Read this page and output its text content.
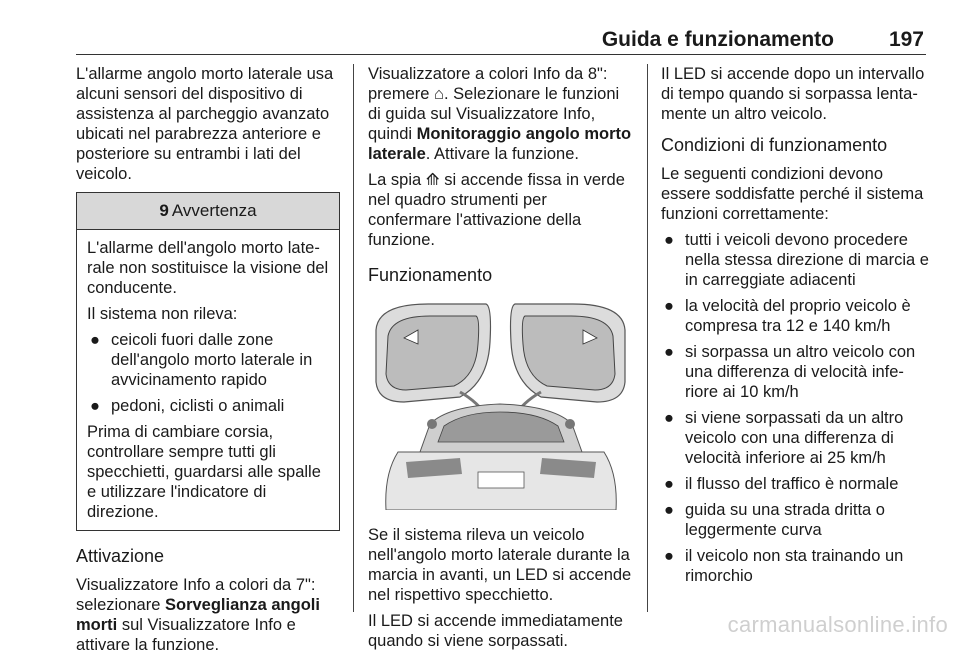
Guida e funzionamento	197

L'allarme angolo morto laterale usa alcuni sensori del dispositivo di assistenza al parcheggio avanzato ubicati nel parabrezza anteriore e posteriore su entrambi i lati del veicolo.

9 Avvertenza

L'allarme dell'angolo morto laterale non sostituisce la visione del conducente.

Il sistema non rileva:

● ceicoli fuori dalle zone dell'angolo morto laterale in avvicinamento rapido
● pedoni, ciclisti o animali

Prima di cambiare corsia, controllare sempre tutti gli specchietti, guardarsi alle spalle e utilizzare l'indicatore di direzione.

Attivazione

Visualizzatore Info a colori da 7": selezionare Sorveglianza angoli morti sul Visualizzatore Info e attivare la funzione.

Visualizzatore a colori Info da 8": premere ⌂. Selezionare le funzioni di guida sul Visualizzatore Info, quindi Monitoraggio angolo morto laterale. Attivare la funzione.

La spia ⟰ si accende fissa in verde nel quadro strumenti per confermare l'attivazione della funzione.

Funzionamento

Se il sistema rileva un veicolo nell'angolo morto laterale durante la marcia in avanti, un LED si accende nel rispettivo specchietto.

Il LED si accende immediatamente quando si viene sorpassati.

Il LED si accende dopo un intervallo di tempo quando si sorpassa lentamente un altro veicolo.

Condizioni di funzionamento

Le seguenti condizioni devono essere soddisfatte perché il sistema funzioni correttamente:

● tutti i veicoli devono procedere nella stessa direzione di marcia e in carreggiate adiacenti
● la velocità del proprio veicolo è compresa tra 12 e 140 km/h
● si sorpassa un altro veicolo con una differenza di velocità inferiore ai 10 km/h
● si viene sorpassati da un altro veicolo con una differenza di velocità inferiore ai 25 km/h
● il flusso del traffico è normale
● guida su una strada dritta o leggermente curva
● il veicolo non sta trainando un rimorchio
carmanualsonline.info
